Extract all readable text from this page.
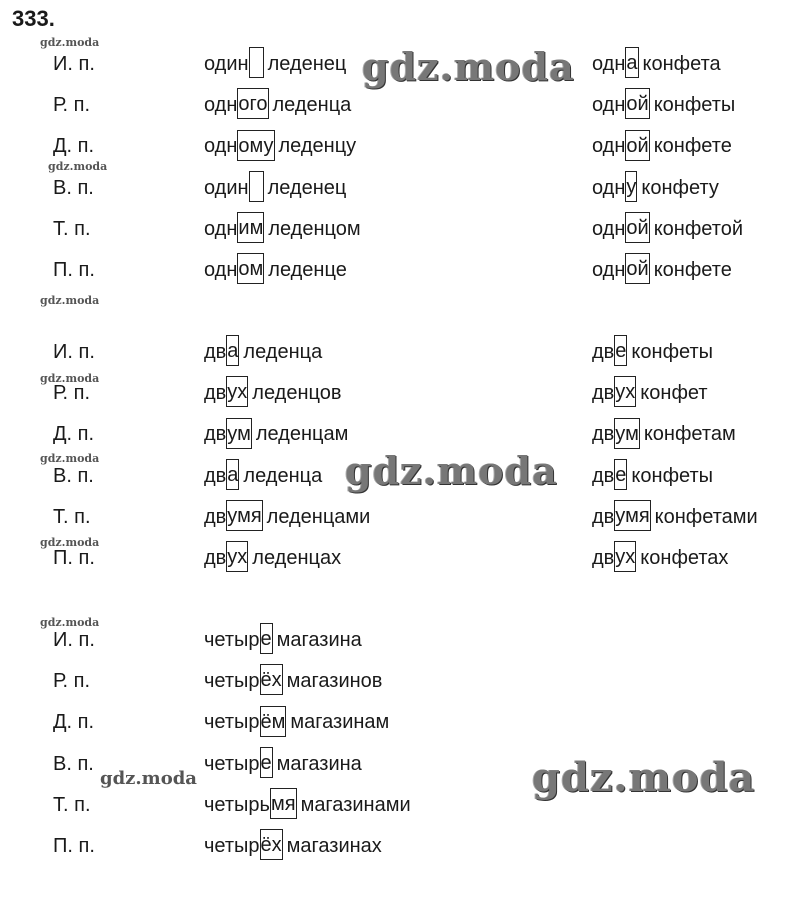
333.
gdz.moda
gdz.moda
gdz.moda
gdz.moda
gdz.moda
gdz.moda
gdz.moda
gdz.moda
И. п.	один леденец	одна конфета
Р. п.	одного леденца	одной конфеты
Д. п.	одному леденцу	одной конфете
В. п.	один леденец	одну конфету
Т. п.	одним леденцом	одной конфетой
П. п.	одном леденце	одной конфете
И. п.	два леденца	две конфеты
Р. п.	двух леденцов	двух конфет
Д. п.	двум леденцам	двум конфетам
В. п.	два леденца	две конфеты
Т. п.	двумя леденцами	двумя конфетами
П. п.	двух леденцах	двух конфетах
И. п.	четыре магазина
Р. п.	четырёх магазинов
Д. п.	четырём магазинам
В. п.	четыре магазина
Т. п.	четырьмя магазинами
П. п.	четырёх магазинах
gdz.moda
gdz.moda
gdz.moda
